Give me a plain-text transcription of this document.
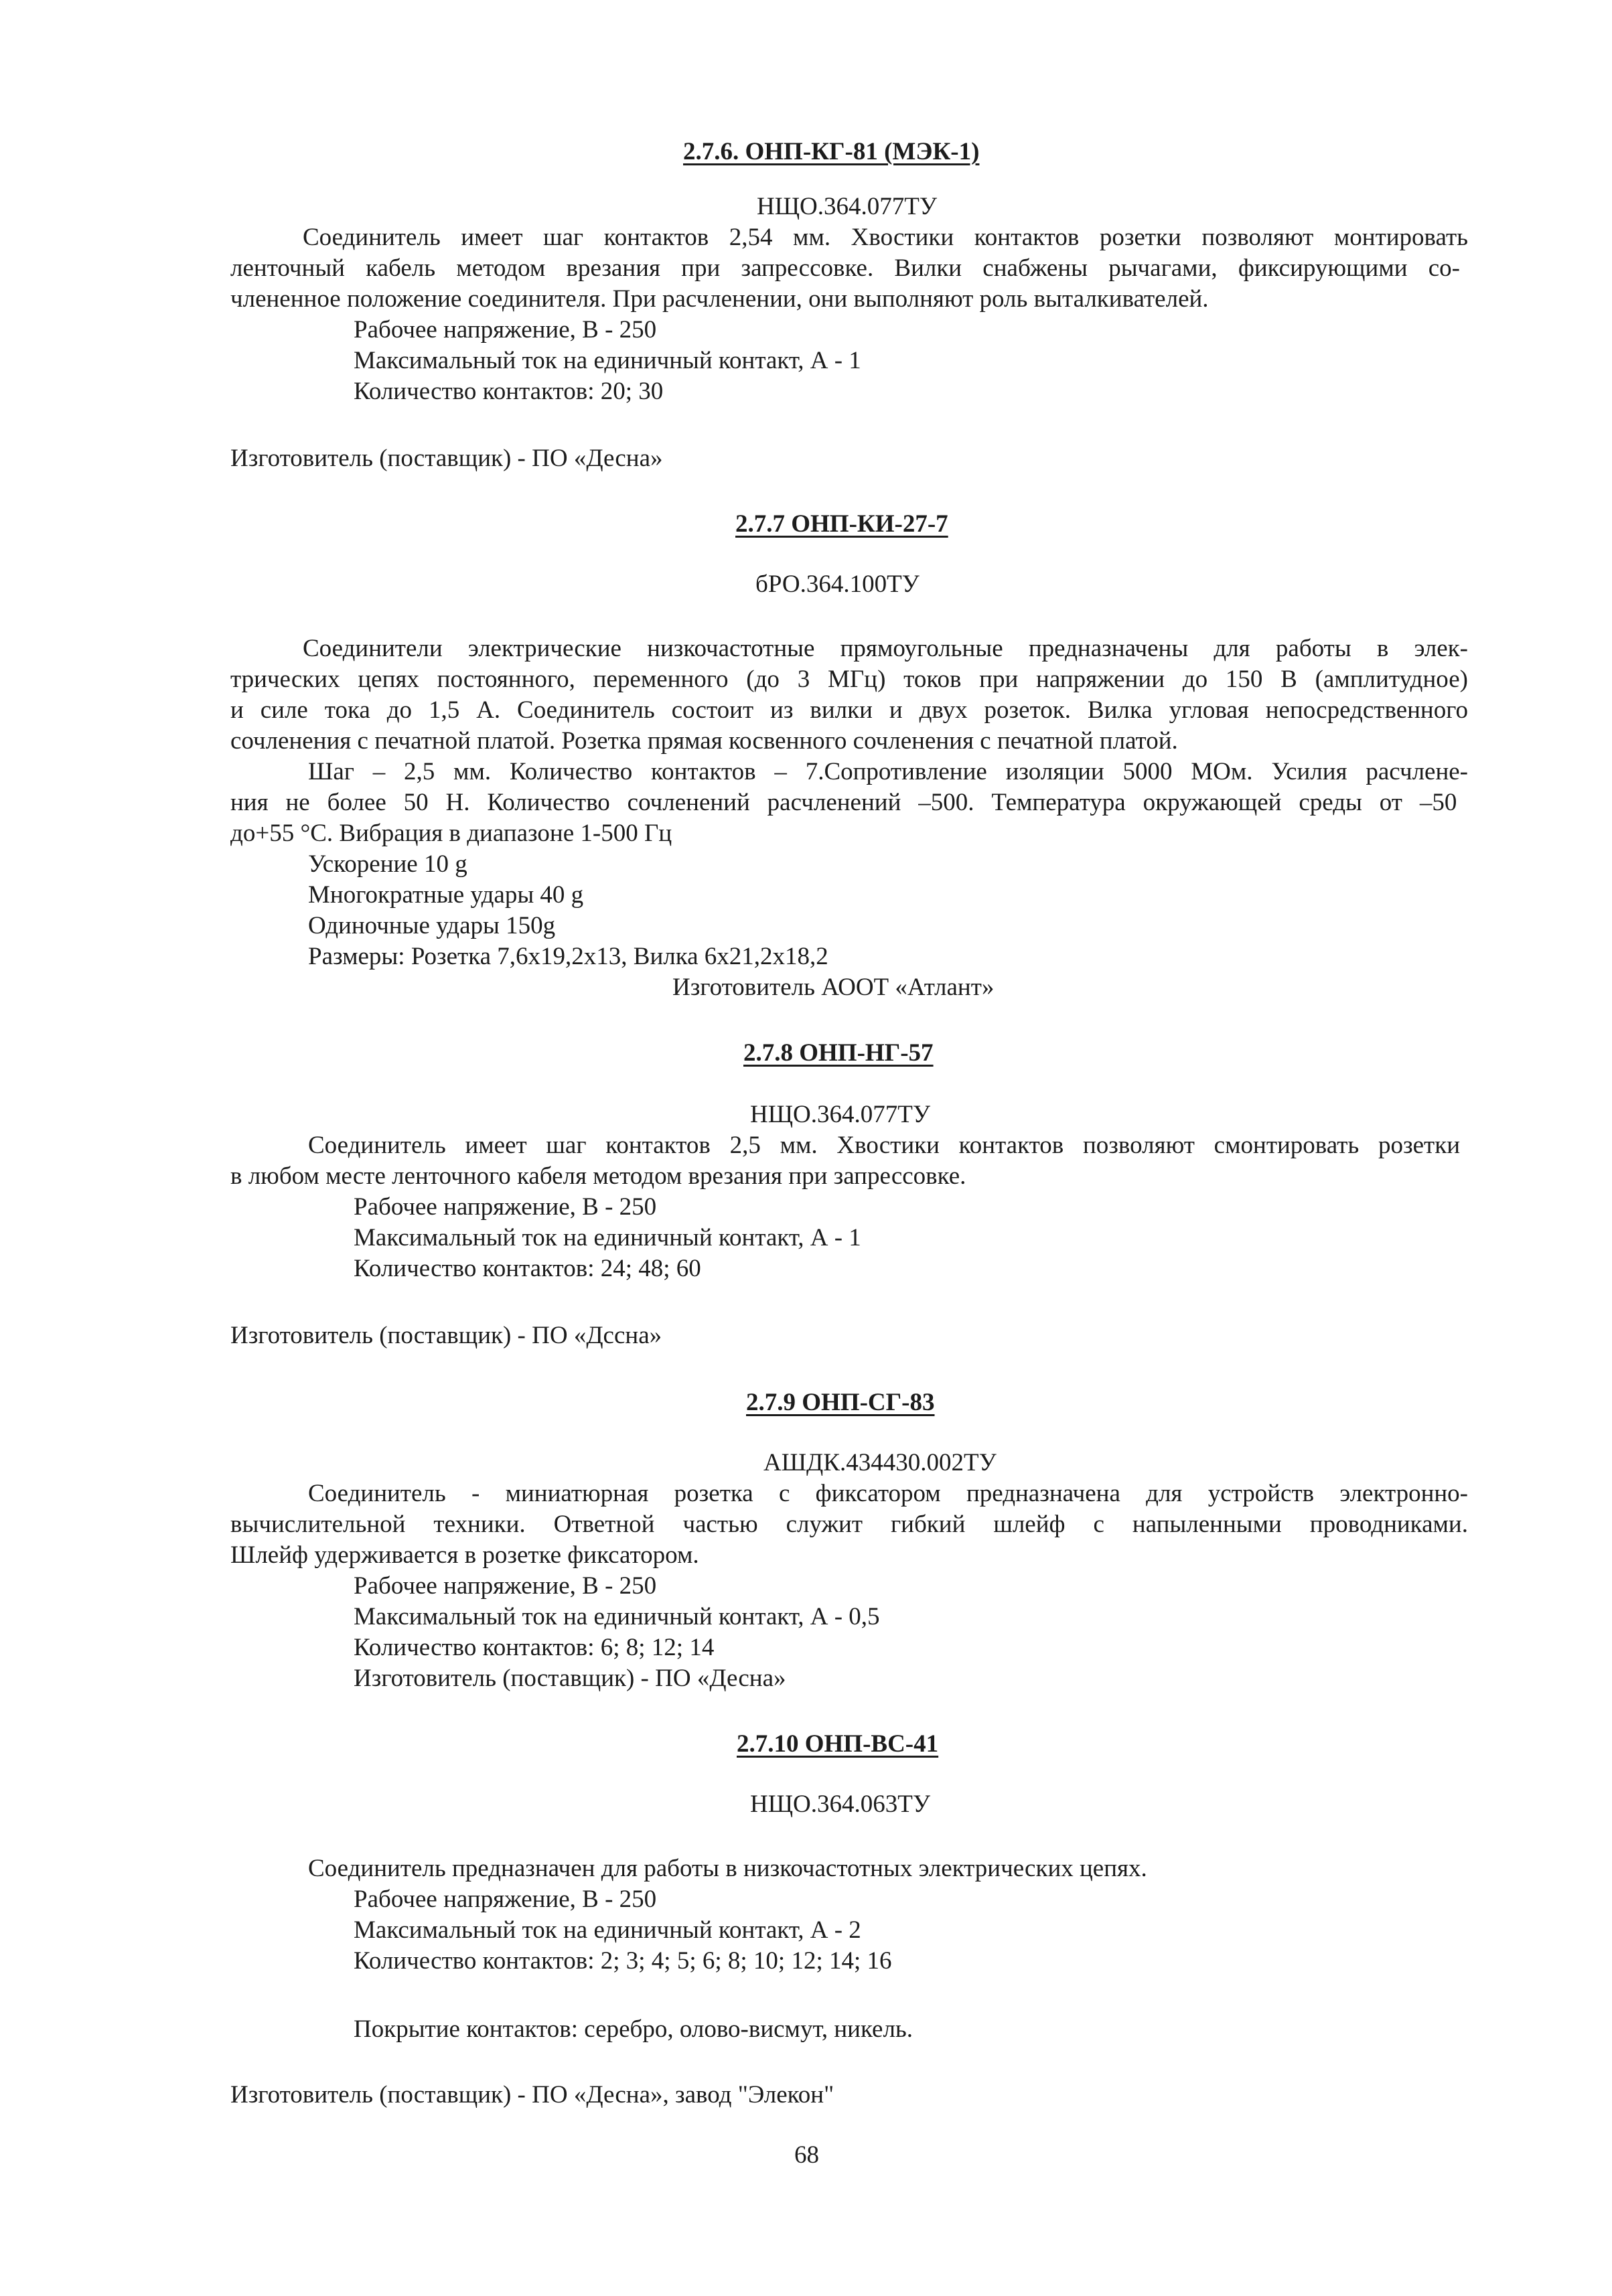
2.7.6. ОНП-КГ-81 (МЭК-1)
НЩО.364.077ТУ
Соединитель имеет шаг контактов 2,54 мм. Хвостики контактов розетки позволяют монтировать
ленточный кабель методом врезания при запрессовке. Вилки снабжены рычагами, фиксирующими со-
члененное положение соединителя. При расчленении, они выполняют роль выталкивателей.
Рабочее напряжение, В - 250
Максимальный ток на единичный контакт, А - 1
Количество контактов: 20; 30
Изготовитель (поставщик) - ПО «Десна»
2.7.7 ОНП-КИ-27-7
бРО.364.100ТУ
Соединители электрические низкочастотные прямоугольные предназначены для работы в элек-
трических цепях постоянного, переменного (до 3 МГц) токов при напряжении до 150 В (амплитудное)
и силе тока до 1,5 А. Соединитель состоит из вилки и двух розеток. Вилка угловая непосредственного
сочленения с печатной платой. Розетка прямая косвенного сочленения с печатной платой.
Шаг – 2,5 мм. Количество контактов – 7.Сопротивление изоляции 5000 МОм. Усилия расчлене-
ния не более 50 Н. Количество сочленений расчленений –500. Температура окружающей среды от –50
до+55 °С. Вибрация в диапазоне 1-500 Гц
Ускорение 10 g
Многократные удары 40 g
Одиночные удары 150g
Размеры: Розетка 7,6х19,2х13, Вилка 6х21,2х18,2
Изготовитель АООТ «Атлант»
2.7.8 ОНП-НГ-57
НЩО.364.077ТУ
Соединитель имеет шаг контактов 2,5 мм. Хвостики контактов позволяют смонтировать розетки
в любом месте ленточного кабеля методом врезания при запрессовке.
Рабочее напряжение, В - 250
Максимальный ток на единичный контакт, А - 1
Количество контактов: 24; 48; 60
Изготовитель (поставщик) - ПО «Дсcна»
2.7.9 ОНП-СГ-83
АШДК.434430.002ТУ
Соединитель - миниатюрная розетка с фиксатором предназначена для устройств электронно-
вычислительной техники. Ответной частью служит гибкий шлейф с напыленными проводниками.
Шлейф удерживается в розетке фиксатором.
Рабочее напряжение, В - 250
Максимальный ток на единичный контакт, А - 0,5
Количество контактов: 6; 8; 12; 14
Изготовитель (поставщик) - ПО «Десна»
2.7.10 ОНП-ВС-41
НЩО.364.063ТУ
Соединитель предназначен для работы в низкочастотных электрических цепях.
Рабочее напряжение, В - 250
Максимальный ток на единичный контакт, А - 2
Количество контактов: 2; 3; 4; 5; 6; 8; 10; 12; 14; 16
Покрытие контактов: серебро, олово-висмут, никель.
Изготовитель (поставщик) - ПО «Десна», завод "Элекон"
68
